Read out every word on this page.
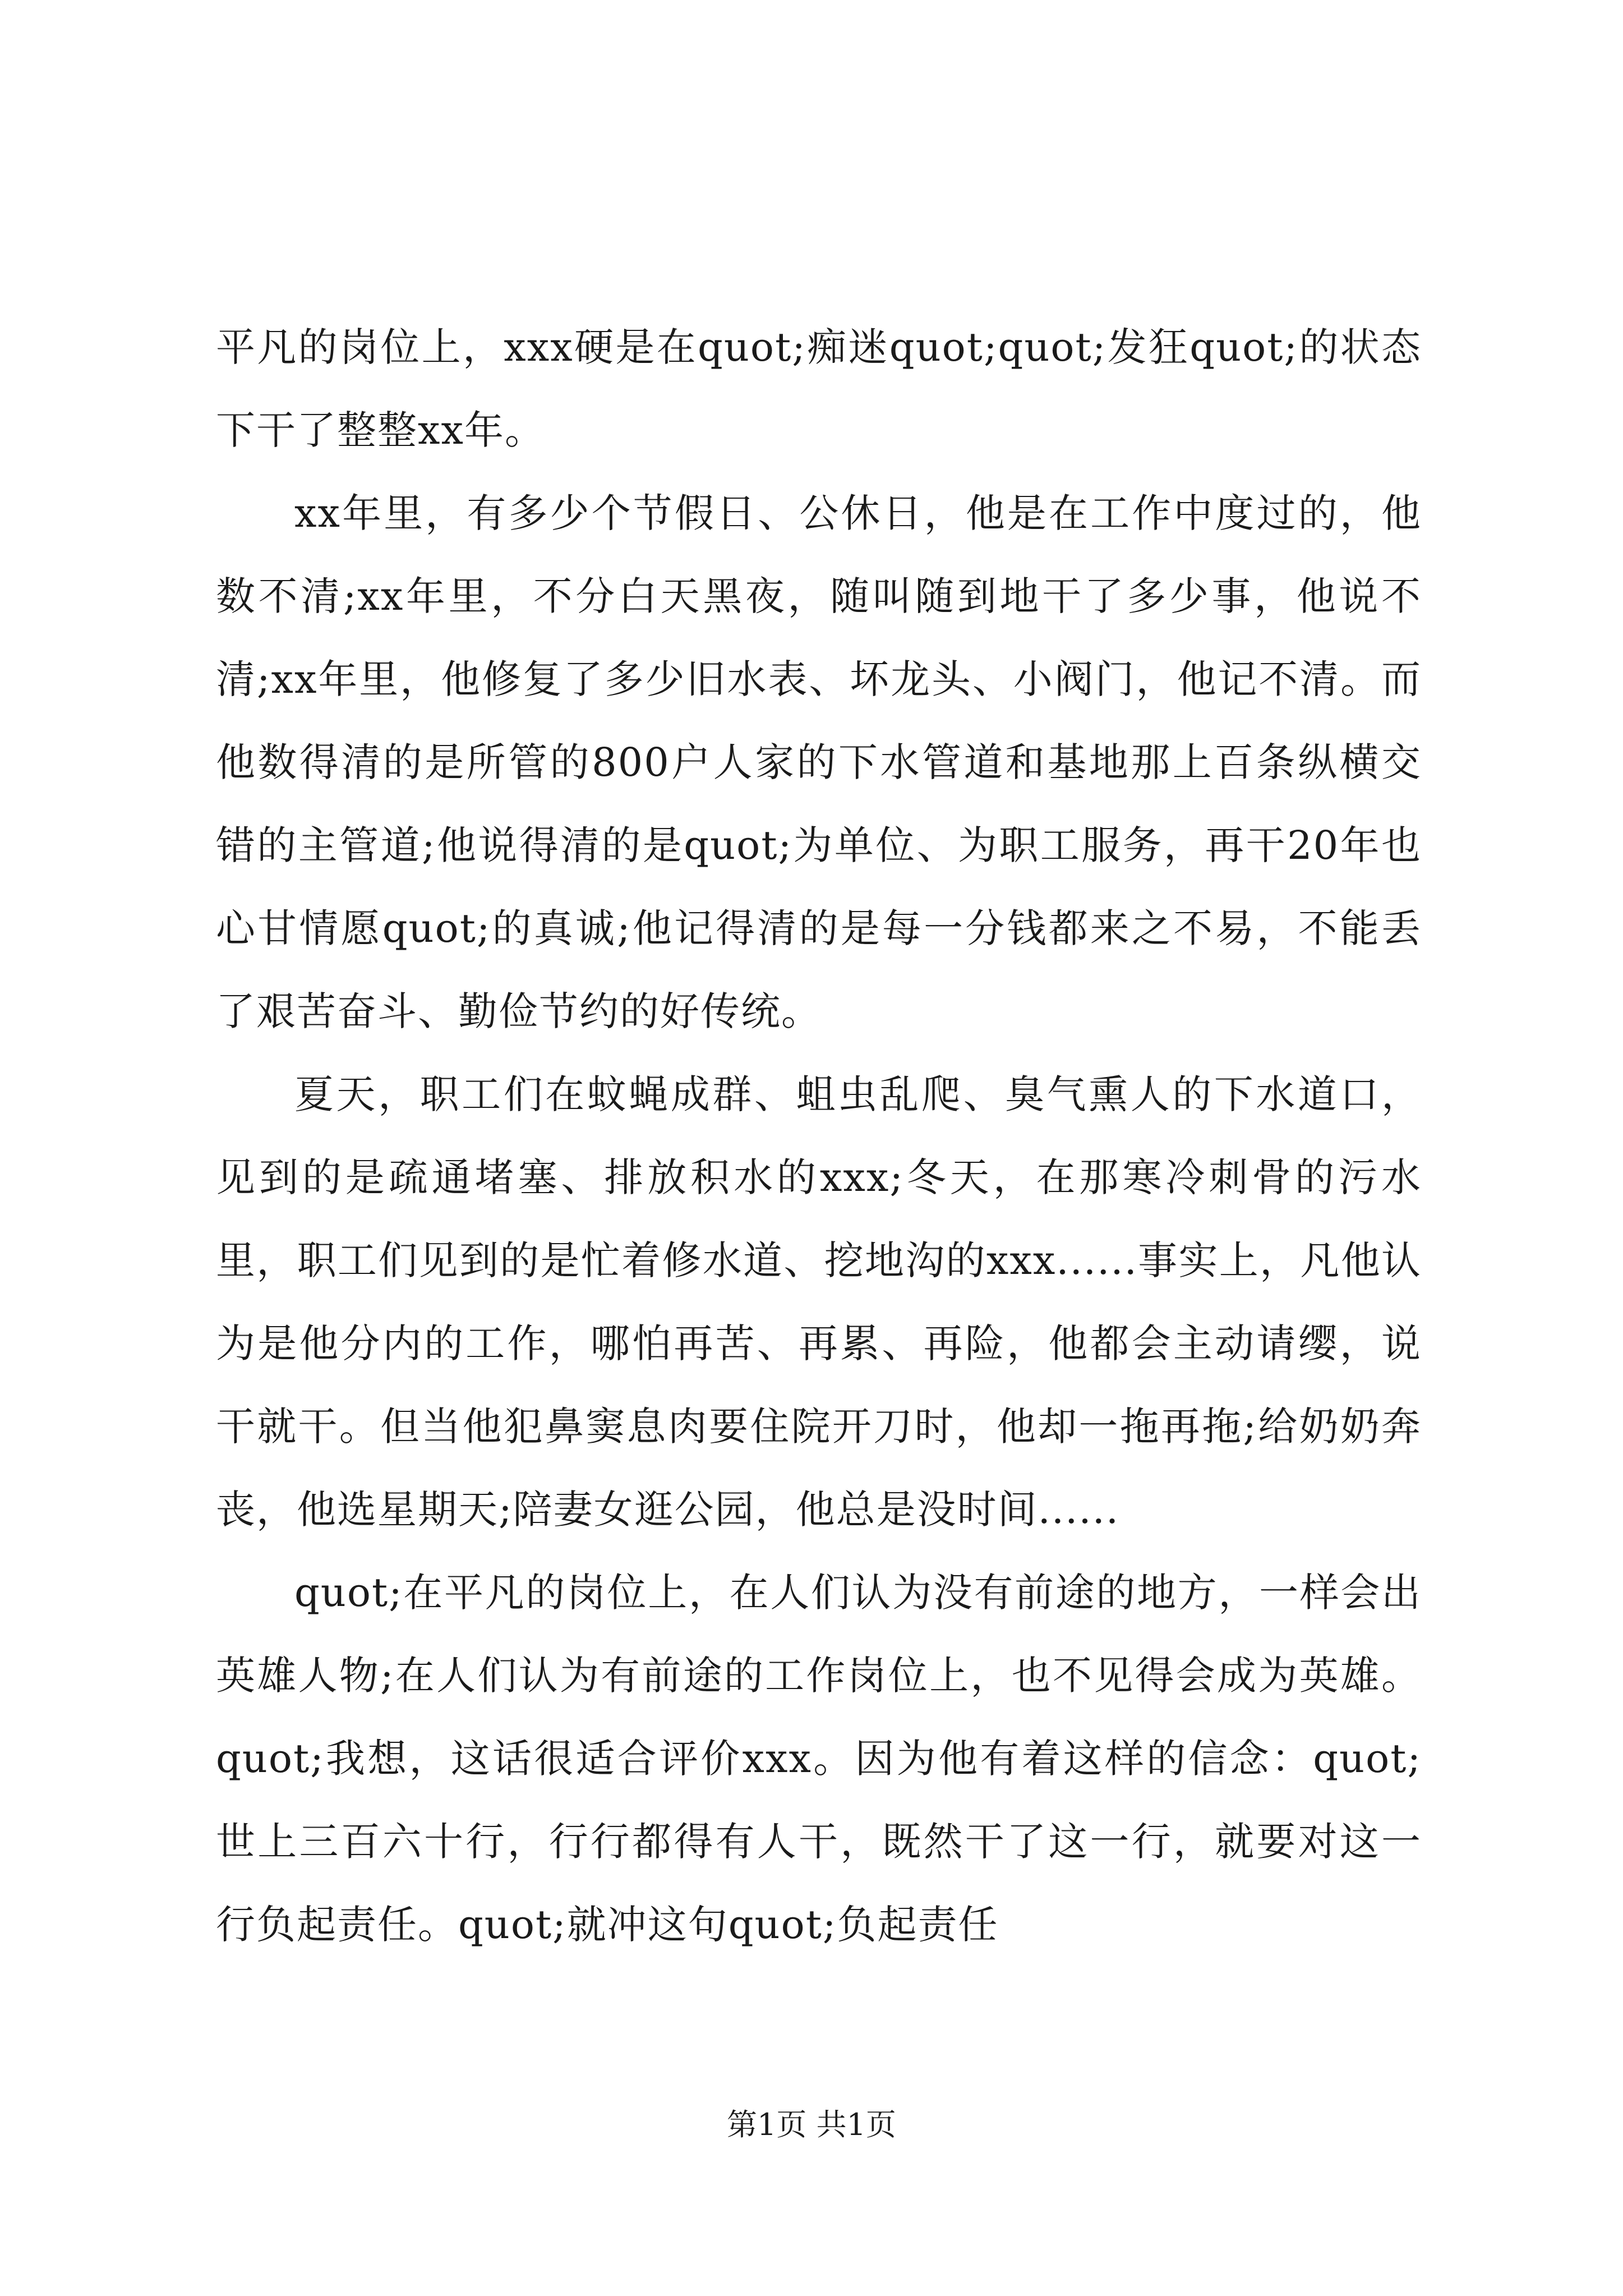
平凡的岗位上，xxx硬是在quot;痴迷quot;quot;发狂quot;的状态下干了整整xx年。

xx年里，有多少个节假日、公休日，他是在工作中度过的，他数不清;xx年里，不分白天黑夜，随叫随到地干了多少事，他说不清;xx年里，他修复了多少旧水表、坏龙头、小阀门，他记不清。而他数得清的是所管的800户人家的下水管道和基地那上百条纵横交错的主管道;他说得清的是quot;为单位、为职工服务，再干20年也心甘情愿quot;的真诚;他记得清的是每一分钱都来之不易，不能丢了艰苦奋斗、勤俭节约的好传统。

夏天，职工们在蚊蝇成群、蛆虫乱爬、臭气熏人的下水道口，见到的是疏通堵塞、排放积水的xxx;冬天，在那寒冷刺骨的污水里，职工们见到的是忙着修水道、挖地沟的xxx......事实上，凡他认为是他分内的工作，哪怕再苦、再累、再险，他都会主动请缨，说干就干。但当他犯鼻窦息肉要住院开刀时，他却一拖再拖;给奶奶奔丧，他选星期天;陪妻女逛公园，他总是没时间......

quot;在平凡的岗位上，在人们认为没有前途的地方，一样会出英雄人物;在人们认为有前途的工作岗位上，也不见得会成为英雄。quot;我想，这话很适合评价xxx。因为他有着这样的信念：quot;世上三百六十行，行行都得有人干，既然干了这一行，就要对这一行负起责任。quot;就冲这句quot;负起责任

第1页 共1页
